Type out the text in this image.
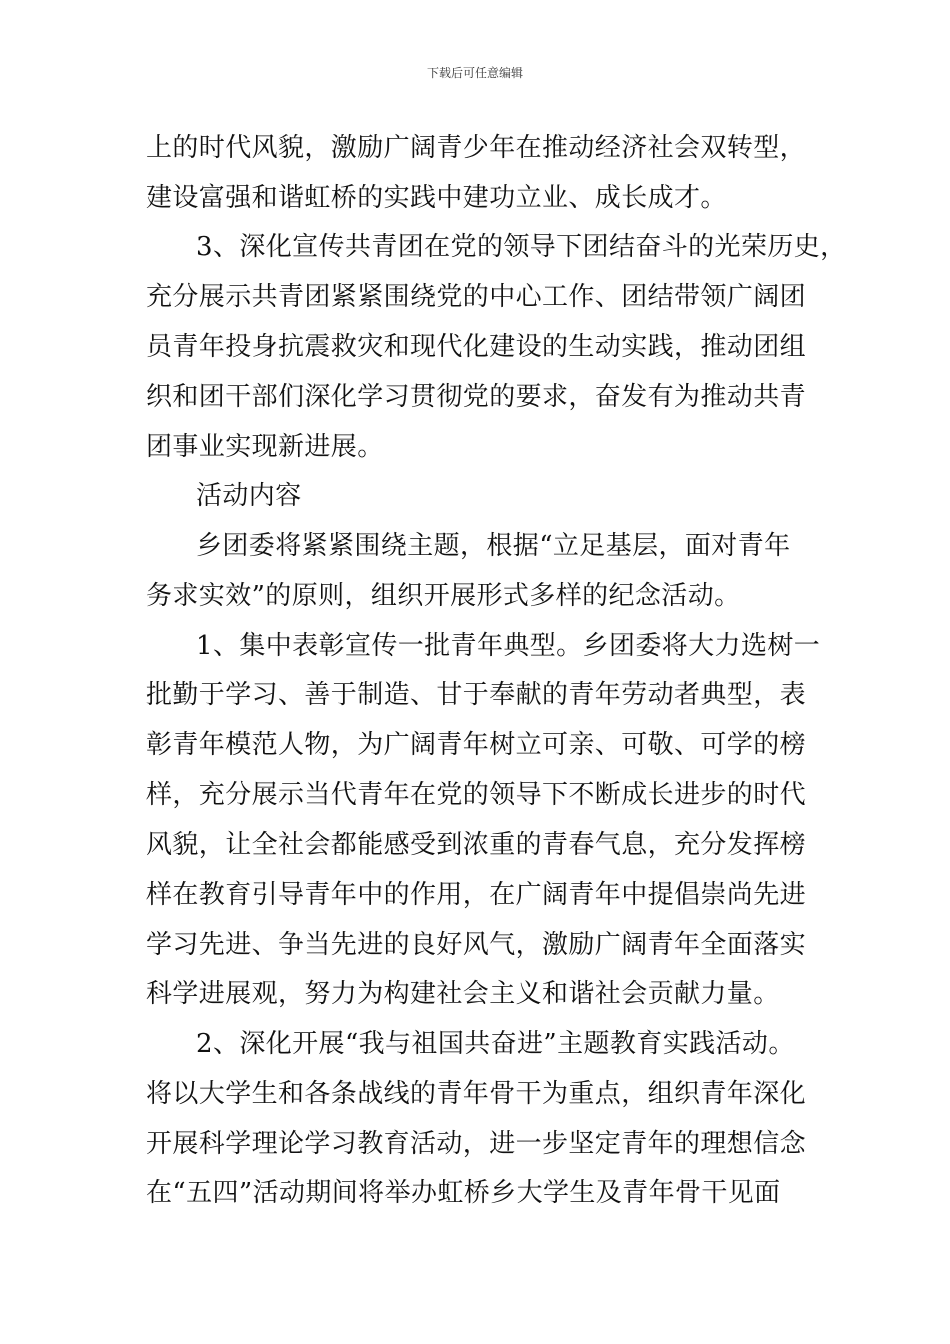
下载后可任意编辑
上的时代风貌，激励广阔青少年在推动经济社会双转型，
建设富强和谐虹桥的实践中建功立业、成长成才。
3、深化宣传共青团在党的领导下团结奋斗的光荣历史，
充分展示共青团紧紧围绕党的中心工作、团结带领广阔团
员青年投身抗震救灾和现代化建设的生动实践，推动团组
织和团干部们深化学习贯彻党的要求，奋发有为推动共青
团事业实现新进展。
活动内容
乡团委将紧紧围绕主题，根据“立足基层，面对青年
务求实效”的原则，组织开展形式多样的纪念活动。
1、集中表彰宣传一批青年典型。乡团委将大力选树一
批勤于学习、善于制造、甘于奉献的青年劳动者典型，表
彰青年模范人物，为广阔青年树立可亲、可敬、可学的榜
样，充分展示当代青年在党的领导下不断成长进步的时代
风貌，让全社会都能感受到浓重的青春气息，充分发挥榜
样在教育引导青年中的作用，在广阔青年中提倡崇尚先进
学习先进、争当先进的良好风气，激励广阔青年全面落实
科学进展观，努力为构建社会主义和谐社会贡献力量。
2、深化开展“我与祖国共奋进”主题教育实践活动。
将以大学生和各条战线的青年骨干为重点，组织青年深化
开展科学理论学习教育活动，进一步坚定青年的理想信念
在“五四”活动期间将举办虹桥乡大学生及青年骨干见面
